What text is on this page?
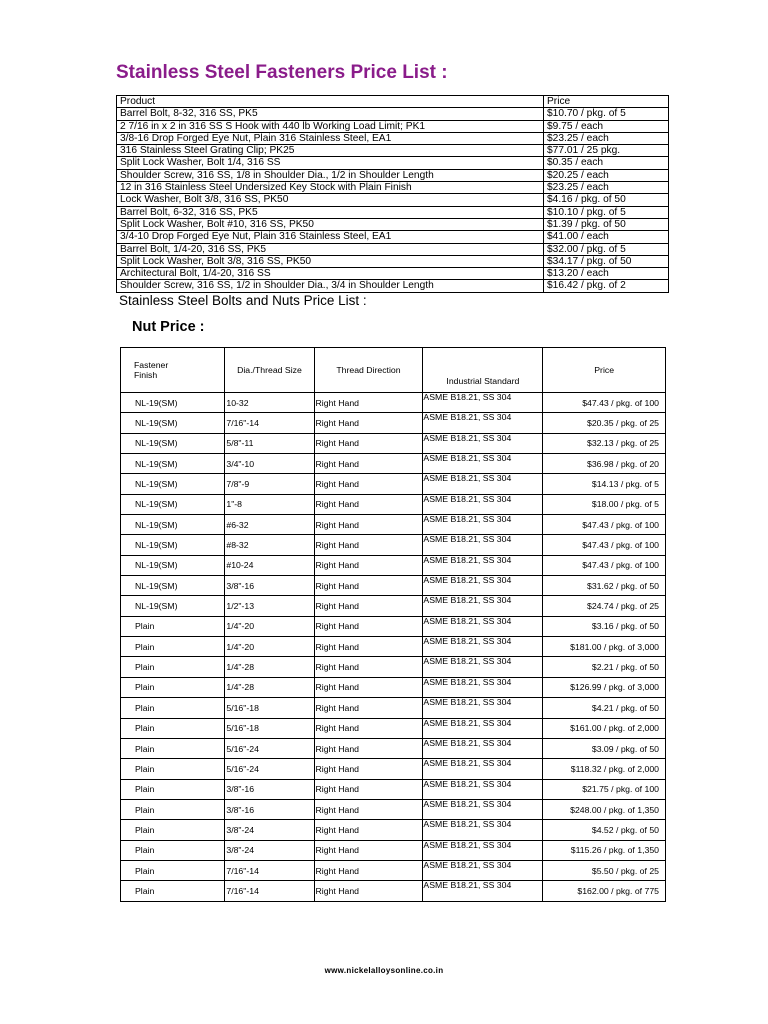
Stainless Steel Fasteners Price List :
Product	Price
Barrel Bolt, 8-32, 316 SS, PK5	$10.70 / pkg. of 5
2 7/16 in x 2 in 316 SS S Hook with 440 lb Working Load Limit; PK1	$9.75 / each
3/8-16 Drop Forged Eye Nut, Plain 316 Stainless Steel, EA1	$23.25 / each
316 Stainless Steel Grating Clip; PK25	$77.01 / 25 pkg.
Split Lock Washer, Bolt 1/4, 316 SS	$0.35 / each
Shoulder Screw, 316 SS, 1/8 in Shoulder Dia., 1/2 in Shoulder Length	$20.25 / each
12 in 316 Stainless Steel Undersized Key Stock with Plain Finish	$23.25 / each
Lock Washer, Bolt 3/8, 316 SS, PK50	$4.16 / pkg. of 50
Barrel Bolt, 6-32, 316 SS, PK5	$10.10 / pkg. of 5
Split Lock Washer, Bolt #10, 316 SS, PK50	$1.39 / pkg. of 50
3/4-10 Drop Forged Eye Nut, Plain 316 Stainless Steel, EA1	$41.00 / each
Barrel Bolt, 1/4-20, 316 SS, PK5	$32.00 / pkg. of 5
Split Lock Washer, Bolt 3/8, 316 SS, PK50	$34.17 / pkg. of 50
Architectural Bolt, 1/4-20, 316 SS	$13.20 / each
Shoulder Screw, 316 SS, 1/2 in Shoulder Dia., 3/4 in Shoulder Length	$16.42 / pkg. of 2
Stainless Steel Bolts and Nuts Price List :
Nut Price :
Fastener
Finish	Dia./Thread Size	Thread Direction	Industrial Standard	Price
NL-19(SM)	10-32	Right Hand	ASME B18.21, SS 304	$47.43 / pkg. of 100
NL-19(SM)	7/16"-14	Right Hand	ASME B18.21, SS 304	$20.35 / pkg. of 25
NL-19(SM)	5/8"-11	Right Hand	ASME B18.21, SS 304	$32.13 / pkg. of 25
NL-19(SM)	3/4"-10	Right Hand	ASME B18.21, SS 304	$36.98 / pkg. of 20
NL-19(SM)	7/8"-9	Right Hand	ASME B18.21, SS 304	$14.13 / pkg. of 5
NL-19(SM)	1"-8	Right Hand	ASME B18.21, SS 304	$18.00 / pkg. of 5
NL-19(SM)	#6-32	Right Hand	ASME B18.21, SS 304	$47.43 / pkg. of 100
NL-19(SM)	#8-32	Right Hand	ASME B18.21, SS 304	$47.43 / pkg. of 100
NL-19(SM)	#10-24	Right Hand	ASME B18.21, SS 304	$47.43 / pkg. of 100
NL-19(SM)	3/8"-16	Right Hand	ASME B18.21, SS 304	$31.62 / pkg. of 50
NL-19(SM)	1/2"-13	Right Hand	ASME B18.21, SS 304	$24.74 / pkg. of 25
Plain	1/4"-20	Right Hand	ASME B18.21, SS 304	$3.16 / pkg. of 50
Plain	1/4"-20	Right Hand	ASME B18.21, SS 304	$181.00 / pkg. of 3,000
Plain	1/4"-28	Right Hand	ASME B18.21, SS 304	$2.21 / pkg. of 50
Plain	1/4"-28	Right Hand	ASME B18.21, SS 304	$126.99 / pkg. of 3,000
Plain	5/16"-18	Right Hand	ASME B18.21, SS 304	$4.21 / pkg. of 50
Plain	5/16"-18	Right Hand	ASME B18.21, SS 304	$161.00 / pkg. of 2,000
Plain	5/16"-24	Right Hand	ASME B18.21, SS 304	$3.09 / pkg. of 50
Plain	5/16"-24	Right Hand	ASME B18.21, SS 304	$118.32 / pkg. of 2,000
Plain	3/8"-16	Right Hand	ASME B18.21, SS 304	$21.75 / pkg. of 100
Plain	3/8"-16	Right Hand	ASME B18.21, SS 304	$248.00 / pkg. of 1,350
Plain	3/8"-24	Right Hand	ASME B18.21, SS 304	$4.52 / pkg. of 50
Plain	3/8"-24	Right Hand	ASME B18.21, SS 304	$115.26 / pkg. of 1,350
Plain	7/16"-14	Right Hand	ASME B18.21, SS 304	$5.50 / pkg. of 25
Plain	7/16"-14	Right Hand	ASME B18.21, SS 304	$162.00 / pkg. of 775
www.nickelalloysonline.co.in
